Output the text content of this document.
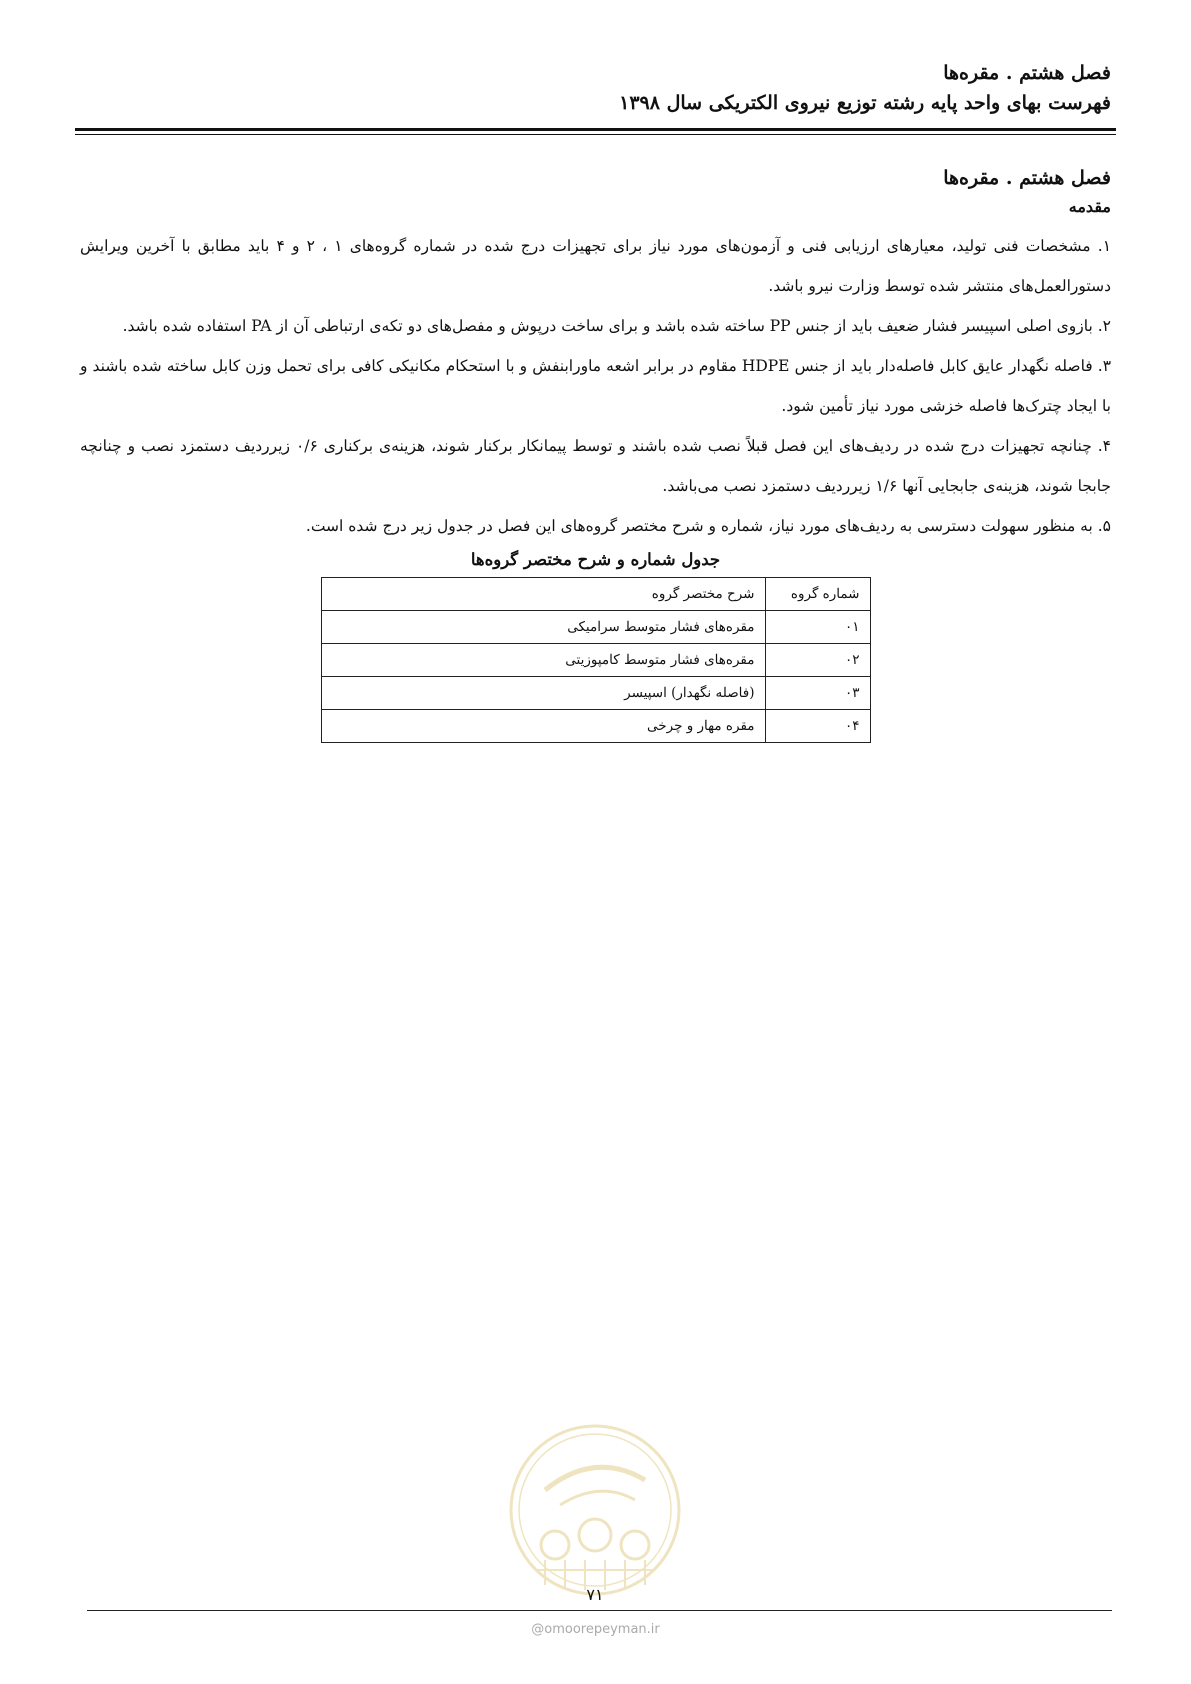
فصل هشتم . مقره‌ها
فهرست بهای واحد پایه رشته توزیع نیروی الکتریکی سال ۱۳۹۸
فصل هشتم . مقره‌ها
مقدمه

۱. مشخصات فنی تولید، معیارهای ارزیابی فنی و آزمون‌های مورد نیاز برای تجهیزات درج شده در شماره گروه‌های ۱ ، ۲ و ۴ باید مطابق با آخرین ویرایش دستورالعمل‌های منتشر شده توسط وزارت نیرو باشد.

۲. بازوی اصلی اسپیسر فشار ضعیف باید از جنس PP ساخته شده باشد و برای ساخت درپوش و مفصل‌های دو تکه‌ی ارتباطی آن از PA استفاده شده باشد.

۳. فاصله نگهدار عایق کابل فاصله‌دار باید از جنس HDPE مقاوم در برابر اشعه ماورابنفش و با استحکام مکانیکی کافی برای تحمل وزن کابل ساخته شده باشند و با ایجاد چترک‌ها فاصله خزشی مورد نیاز تأمین شود.

۴. چنانچه تجهیزات درج شده در ردیف‌های این فصل قبلاً نصب شده باشند و توسط پیمانکار برکنار شوند، هزینه‌ی برکناری ۰/۶ زیرردیف دستمزد نصب و چنانچه جابجا شوند، هزینه‌ی جابجایی آنها ۱/۶ زیرردیف دستمزد نصب می‌باشد.

۵. به منظور سهولت دسترسی به ردیف‌های مورد نیاز، شماره و شرح مختصر گروه‌های این فصل در جدول زیر درج شده است.

جدول شماره و شرح مختصر گروه‌ها
شماره گروه	شرح مختصر گروه
۰۱	مقره‌های فشار متوسط سرامیکی
۰۲	مقره‌های فشار متوسط کامپوزیتی
۰۳	(فاصله نگهدار) اسپیسر
۰۴	مقره مهار و چرخی
۷۱
@omoorepeyman.ir
